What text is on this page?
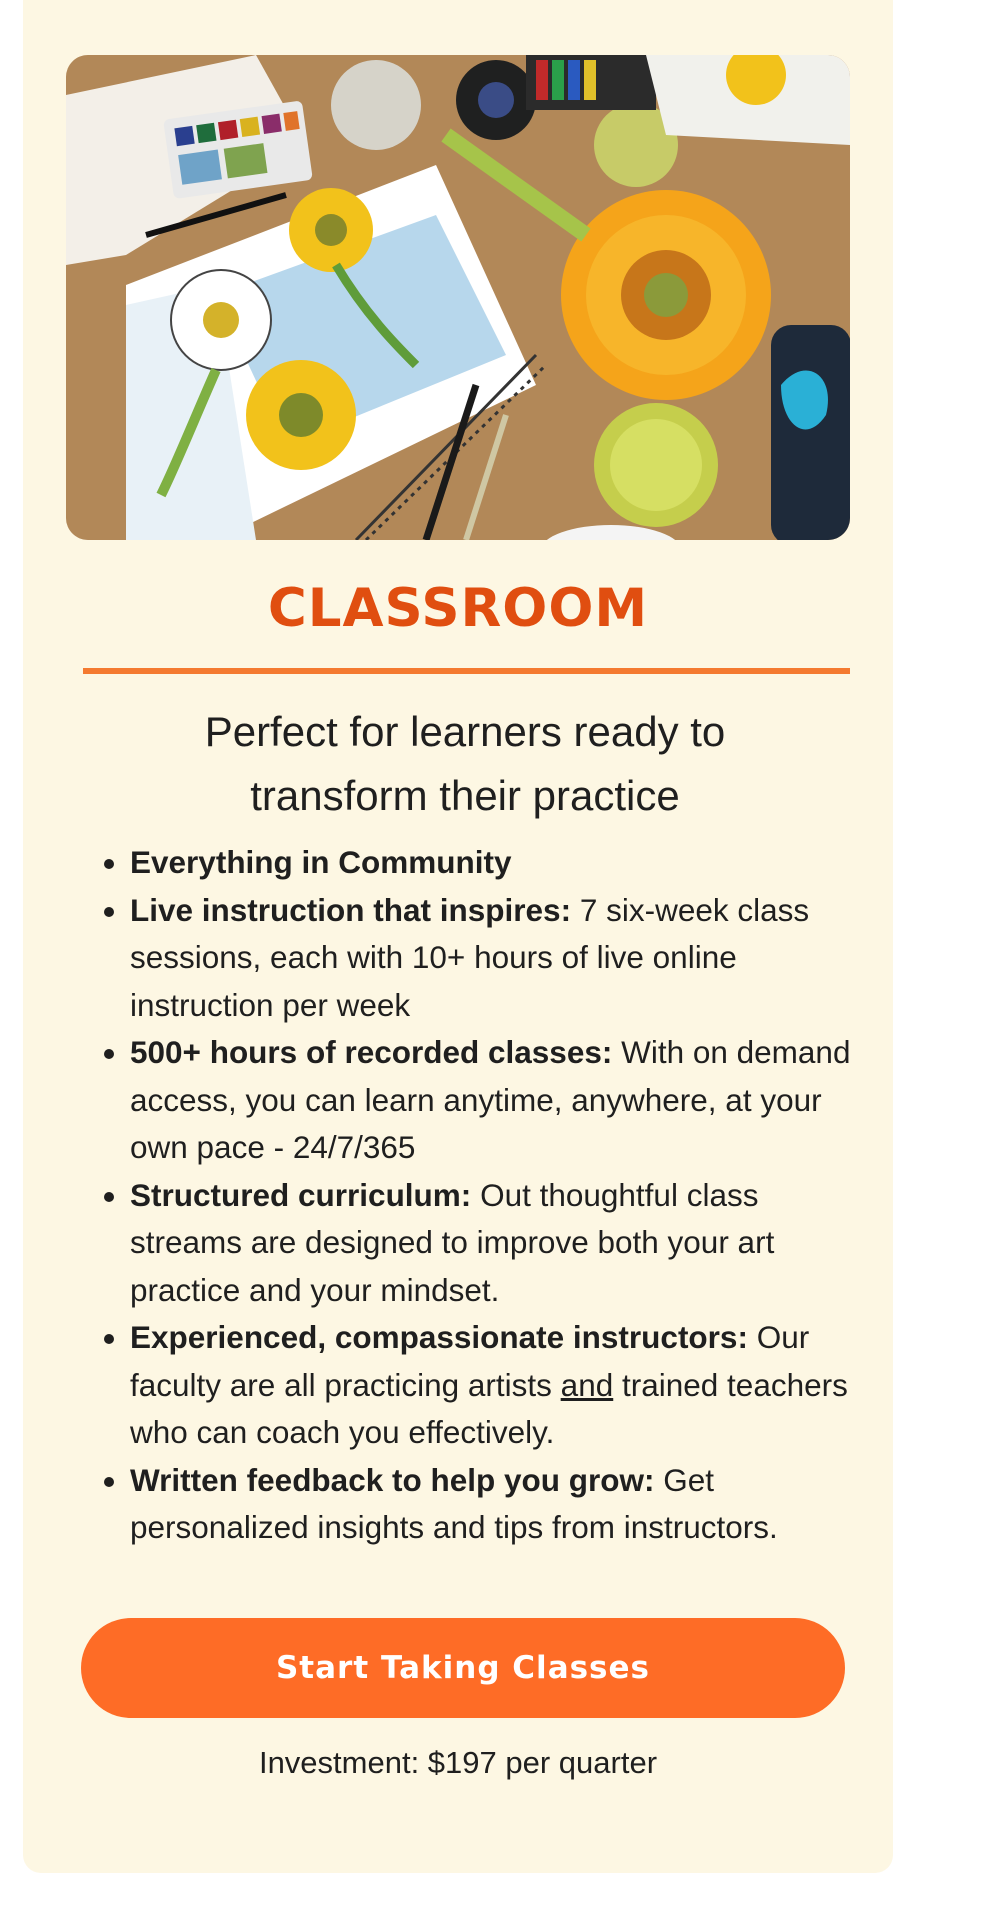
CLASSROOM
Perfect for learners ready to
transform their practice
• Everything in Community
• Live instruction that inspires: 7 six-week class sessions, each with 10+ hours of live online instruction per week
• 500+ hours of recorded classes: With on demand access, you can learn anytime, anywhere, at your own pace - 24/7/365
• Structured curriculum: Out thoughtful class streams are designed to improve both your art practice and your mindset.
• Experienced, compassionate instructors: Our faculty are all practicing artists and trained teachers who can coach you effectively.
• Written feedback to help you grow: Get personalized insights and tips from instructors.
Start Taking Classes
Investment: $197 per quarter
